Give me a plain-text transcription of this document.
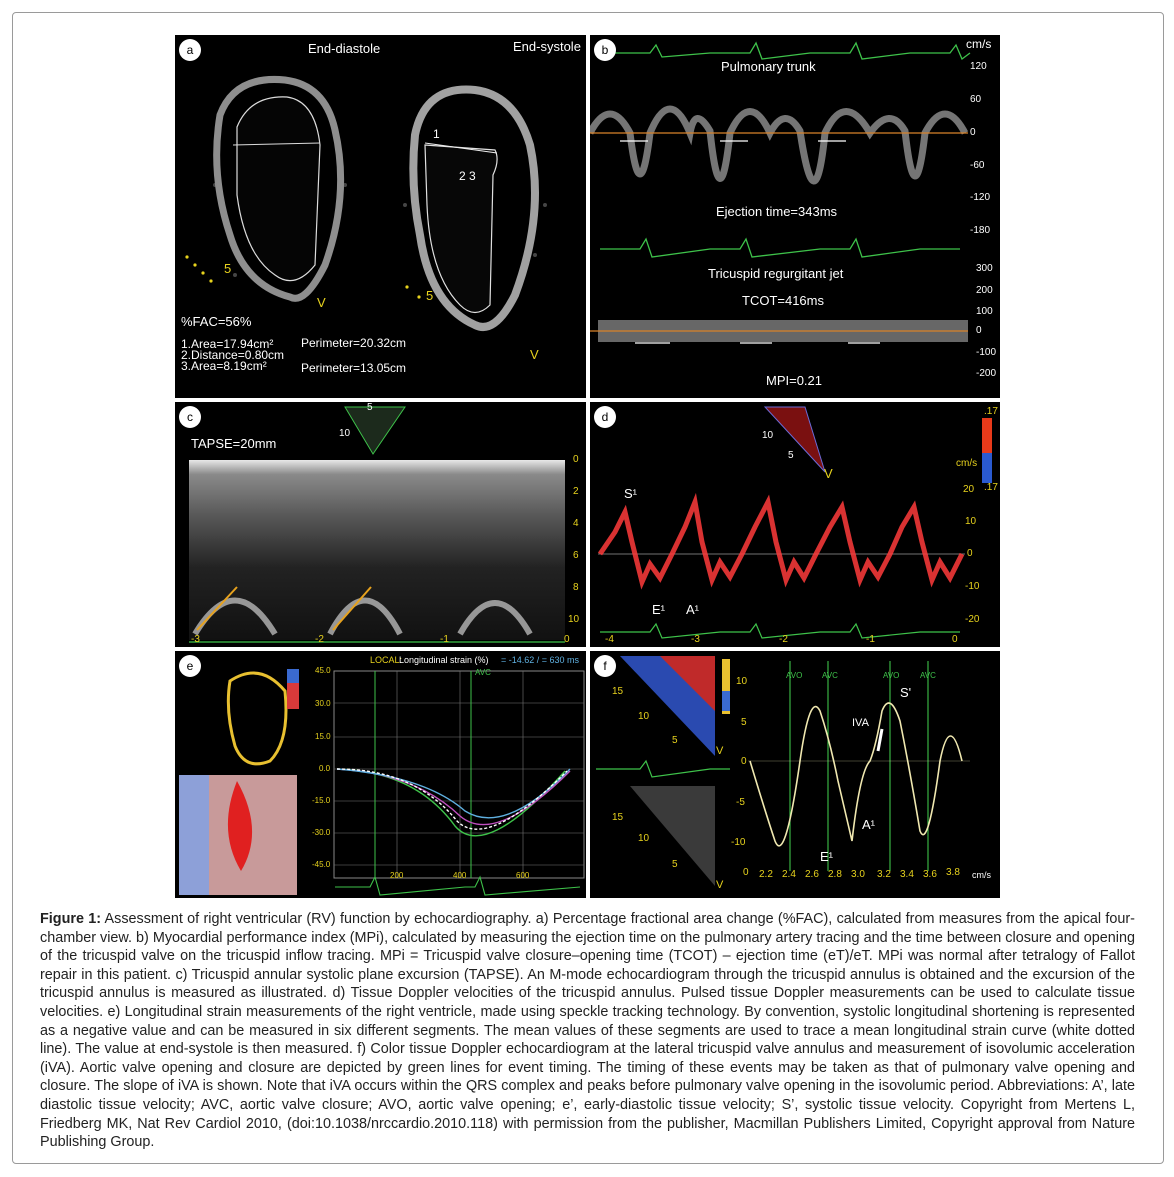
a	End-diastole	End-systole
1
2 3
5
5
V
V
%FAC=56%
1.Area=17.94cm²
2.Distance=0.80cm
3.Area=8.19cm²
Perimeter=20.32cm
Perimeter=13.05cm
b	cm/s
Pulmonary trunk
Ejection time=343ms
120
60
0
-60
-120
-180
Tricuspid regurgitant jet
TCOT=416ms
MPI=0.21
300
200
100
0
-100
-200
c
TAPSE=20mm
5
10
0
2
4
6
8
10
-3	-2	-1	0
d	.17
.17
10
5
V
cm/s
20
10
0
-10
-20
S¹
E¹ A¹
-4	-3	-2	-1	0
e	LOCAL:
Longitudinal strain (%) = -14.62 / = 630 ms
AVC
45.0
30.0
15.0
0.0
-15.0
-30.0
-45.0
200	400	600
f
AVO AVC	AVO	AVC
S'
IVA
A¹
E¹
10
5
0
-5
-10
0 2.2 2.4 2.6 2.8 3.0 3.2 3.4 3.6 3.8 cm/s
15
10
5
V
15
10
5
V
Figure 1: Assessment of right ventricular (RV) function by echocardiography. a) Percentage fractional area change (%FAC), calculated from measures from the apical four-chamber view. b) Myocardial performance index (MPi), calculated by measuring the ejection time on the pulmonary artery tracing and the time between closure and opening of the tricuspid valve on the tricuspid inflow tracing. MPi = Tricuspid valve closure–opening time (TCOT) – ejection time (eT)/eT. MPi was normal after tetralogy of Fallot repair in this patient. c) Tricuspid annular systolic plane excursion (TAPSE). An M-mode echocardiogram through the tricuspid annulus is obtained and the excursion of the tricuspid annulus is measured as illustrated. d) Tissue Doppler velocities of the tricuspid annulus. Pulsed tissue Doppler measurements can be used to calculate tissue velocities. e) Longitudinal strain measurements of the right ventricle, made using speckle tracking technology. By convention, systolic longitudinal shortening is represented as a negative value and can be measured in six different segments. The mean values of these segments are used to trace a mean longitudinal strain curve (white dotted line). The value at end-systole is then measured. f) Color tissue Doppler echocardiogram at the lateral tricuspid valve annulus and measurement of isovolumic acceleration (iVA). Aortic valve opening and closure are depicted by green lines for event timing. The timing of these events may be taken as that of pulmonary valve opening and closure. The slope of iVA is shown. Note that iVA occurs within the QRS complex and peaks before pulmonary valve opening in the isovolumic period. Abbreviations: A’, late diastolic tissue velocity; AVC, aortic valve closure; AVO, aortic valve opening; e’, early-diastolic tissue velocity; S’, systolic tissue velocity. Copyright from Mertens L, Friedberg MK, Nat Rev Cardiol 2010, (doi:10.1038/nrccardio.2010.118) with permission from the publisher, Macmillan Publishers Limited, Copyright approval from Nature Publishing Group.
